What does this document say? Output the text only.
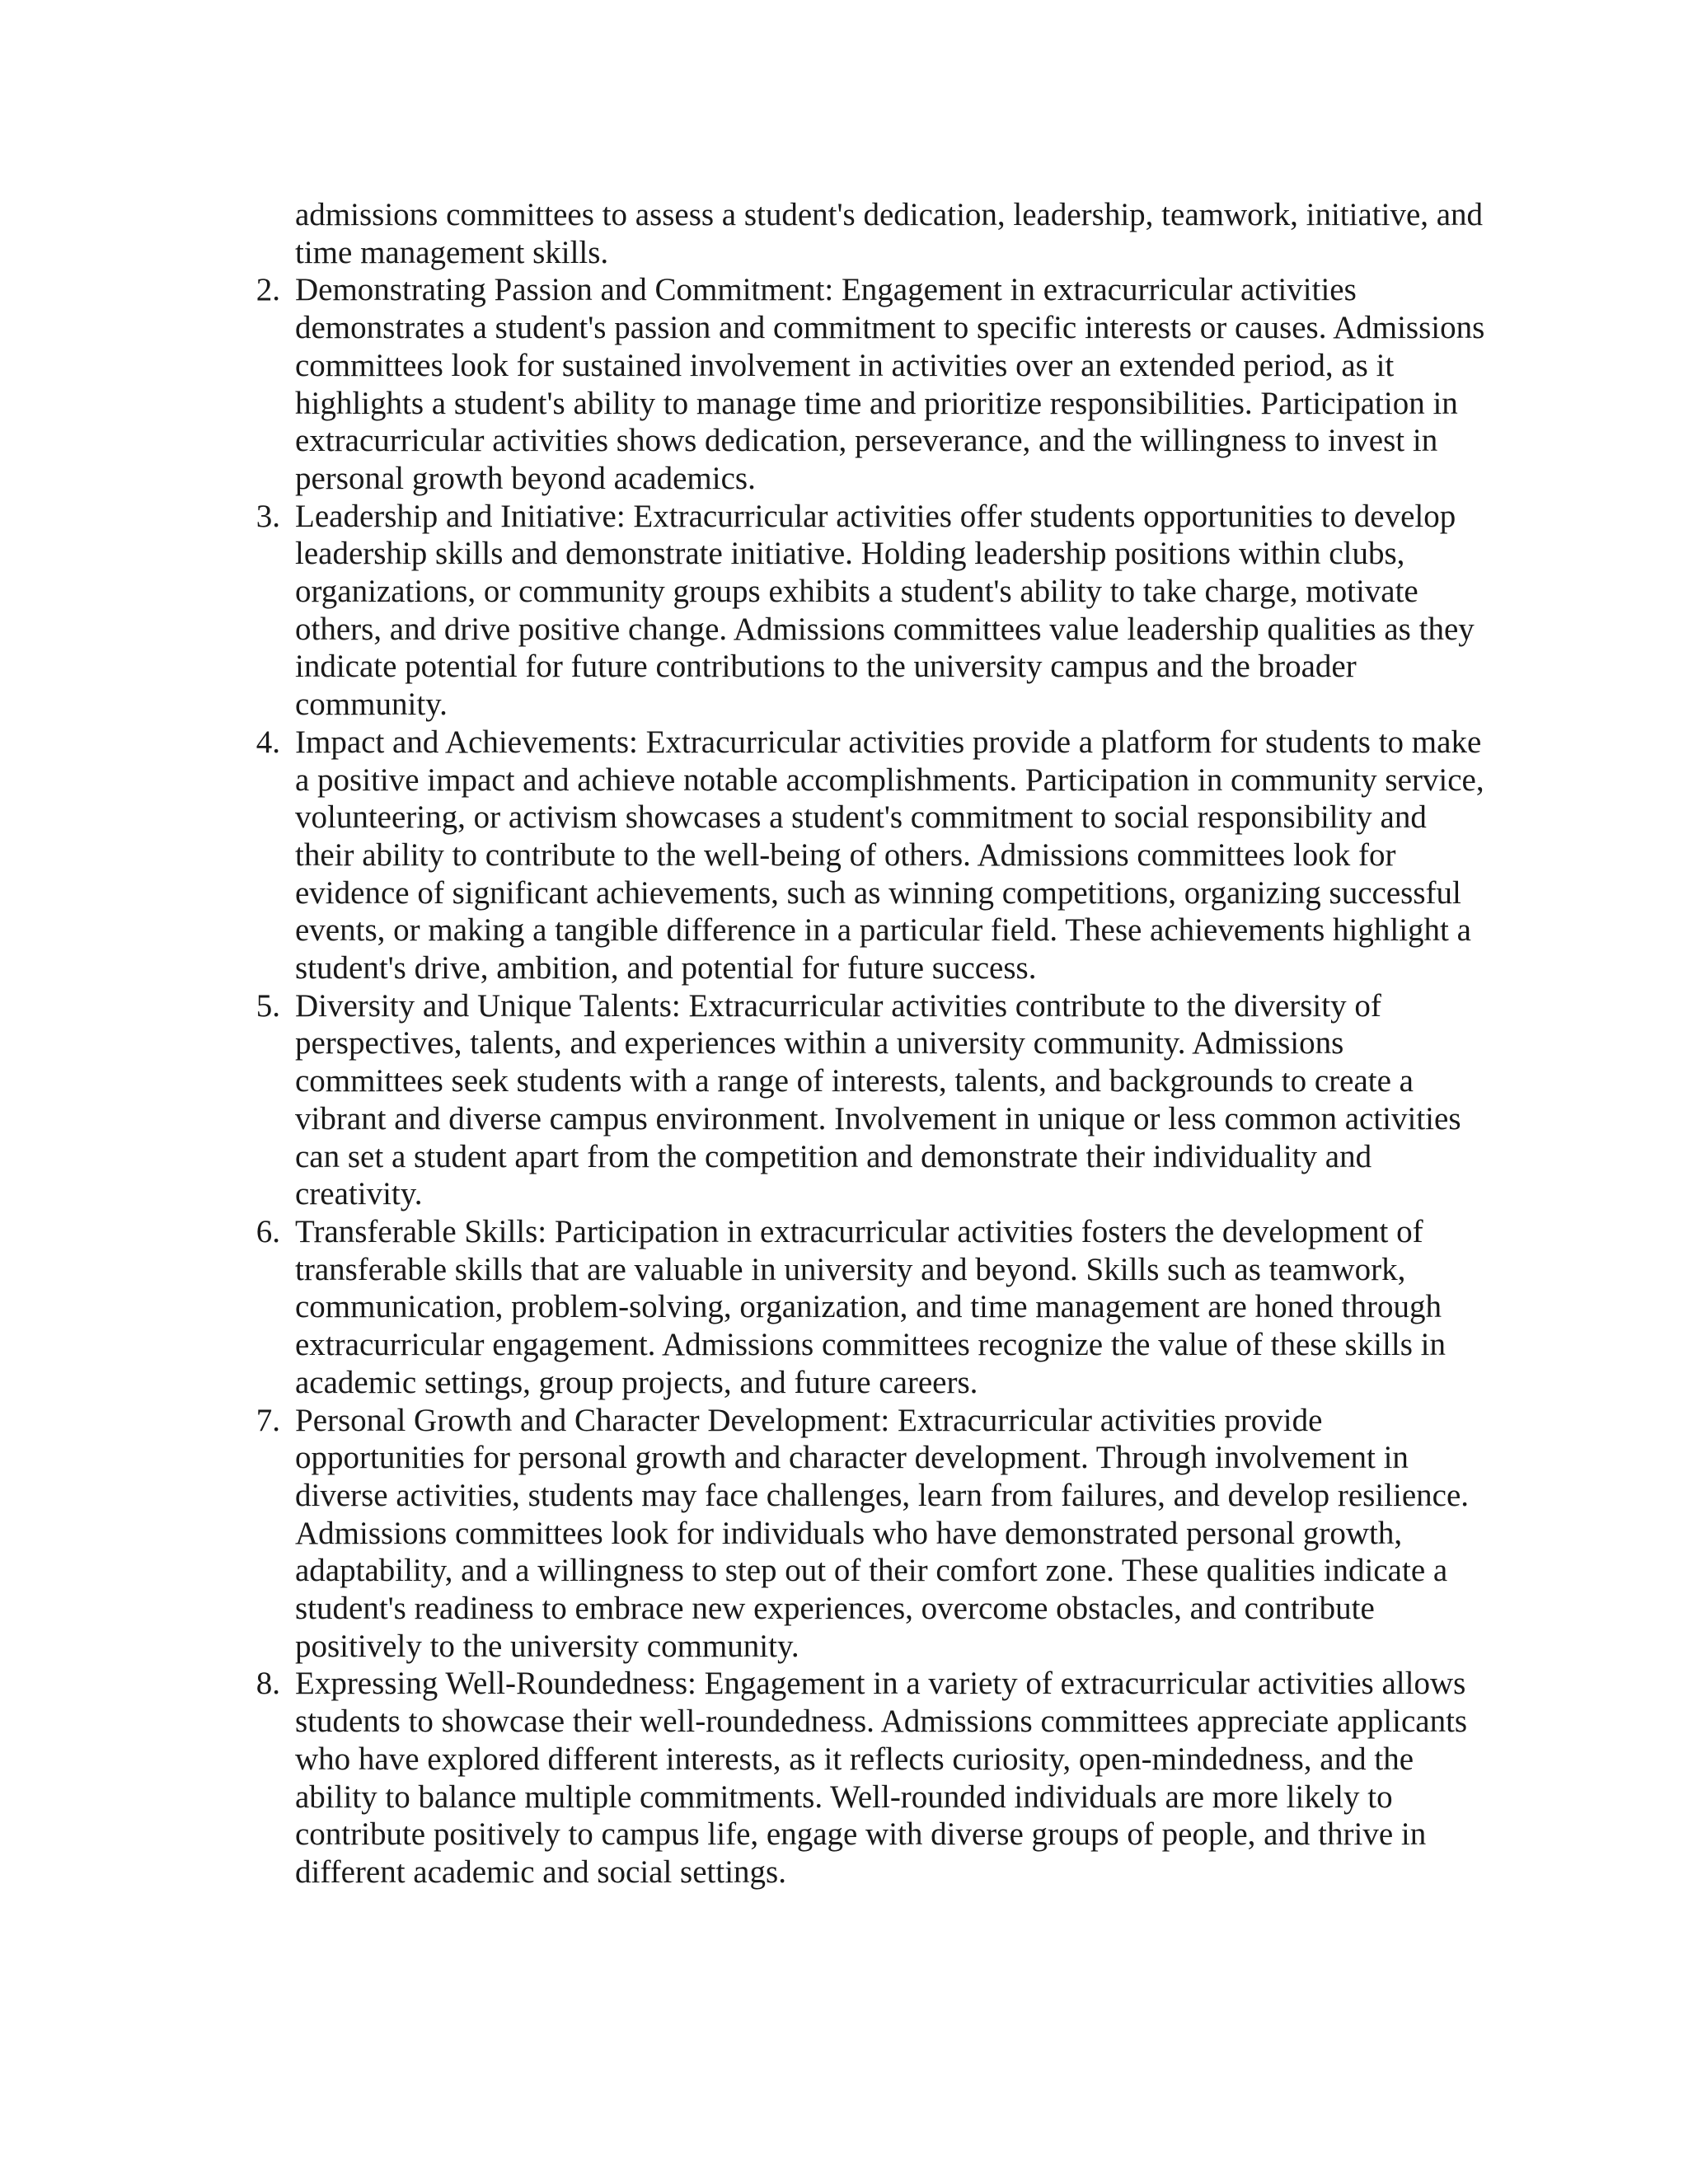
admissions committees to assess a student's dedication, leadership, teamwork, initiative, and time management skills.
2. Demonstrating Passion and Commitment: Engagement in extracurricular activities demonstrates a student's passion and commitment to specific interests or causes. Admissions committees look for sustained involvement in activities over an extended period, as it highlights a student's ability to manage time and prioritize responsibilities. Participation in extracurricular activities shows dedication, perseverance, and the willingness to invest in personal growth beyond academics.
3. Leadership and Initiative: Extracurricular activities offer students opportunities to develop leadership skills and demonstrate initiative. Holding leadership positions within clubs, organizations, or community groups exhibits a student's ability to take charge, motivate others, and drive positive change. Admissions committees value leadership qualities as they indicate potential for future contributions to the university campus and the broader community.
4. Impact and Achievements: Extracurricular activities provide a platform for students to make a positive impact and achieve notable accomplishments. Participation in community service, volunteering, or activism showcases a student's commitment to social responsibility and their ability to contribute to the well-being of others. Admissions committees look for evidence of significant achievements, such as winning competitions, organizing successful events, or making a tangible difference in a particular field. These achievements highlight a student's drive, ambition, and potential for future success.
5. Diversity and Unique Talents: Extracurricular activities contribute to the diversity of perspectives, talents, and experiences within a university community. Admissions committees seek students with a range of interests, talents, and backgrounds to create a vibrant and diverse campus environment. Involvement in unique or less common activities can set a student apart from the competition and demonstrate their individuality and creativity.
6. Transferable Skills: Participation in extracurricular activities fosters the development of transferable skills that are valuable in university and beyond. Skills such as teamwork, communication, problem-solving, organization, and time management are honed through extracurricular engagement. Admissions committees recognize the value of these skills in academic settings, group projects, and future careers.
7. Personal Growth and Character Development: Extracurricular activities provide opportunities for personal growth and character development. Through involvement in diverse activities, students may face challenges, learn from failures, and develop resilience. Admissions committees look for individuals who have demonstrated personal growth, adaptability, and a willingness to step out of their comfort zone. These qualities indicate a student's readiness to embrace new experiences, overcome obstacles, and contribute positively to the university community.
8. Expressing Well-Roundedness: Engagement in a variety of extracurricular activities allows students to showcase their well-roundedness. Admissions committees appreciate applicants who have explored different interests, as it reflects curiosity, open-mindedness, and the ability to balance multiple commitments. Well-rounded individuals are more likely to contribute positively to campus life, engage with diverse groups of people, and thrive in different academic and social settings.
